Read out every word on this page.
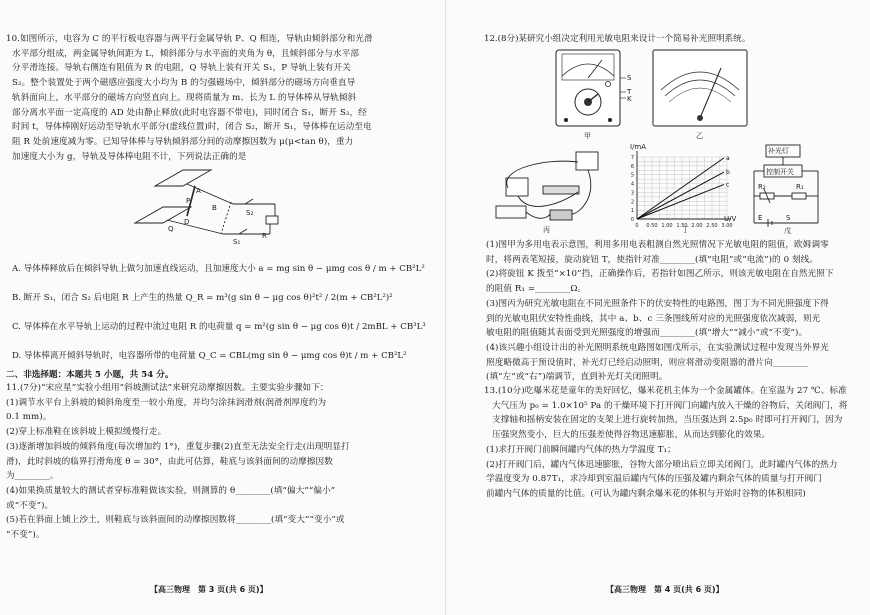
10.如图所示，电容为 C 的平行板电容器与两平行金属导轨 P、Q 相连，导轨由倾斜部分和光滑

水平部分组成，两金属导轨间距为 L，倾斜部分与水平面的夹角为 θ，且倾斜部分与水平部

分平滑连接。导轨右侧连有阻值为 R 的电阻，Q 导轨上装有开关 S₁，P 导轨上装有开关

S₂。整个装置处于两个磁感应强度大小均为 B 的匀强磁场中，倾斜部分的磁场方向垂直导

轨斜面向上，水平部分的磁场方向竖直向上。现将质量为 m、长为 L 的导体棒从导轨倾斜

部分离水平面一定高度的 AD 处由静止释放(此时电容器不带电)，同时闭合 S₁，断开 S₂，经

时间 t，导体棒刚好运动至导轨水平部分(虚线位置)时，闭合 S₂，断开 S₁，导体棒在运动至电

阻 R 处前速度减为零。已知导体棒与导轨倾斜部分间的动摩擦因数为 μ(μ<tan θ)，重力

加速度大小为 g，导轨及导体棒电阻不计，下列说法正确的是

P
A
B
Q
D
S₁
S₂
R
A. 导体棒释放后在倾斜导轨上做匀加速直线运动，且加速度大小 a = mg sin θ − μmg cos θ / m + CB²L²
B. 断开 S₁，闭合 S₂ 后电阻 R 上产生的热量 Q_R = m³(g sin θ − μg cos θ)²t² / 2(m + CB²L²)²
C. 导体棒在水平导轨上运动的过程中流过电阻 R 的电荷量 q = m²(g sin θ − μg cos θ)t / 2mBL + CB³L³
D. 导体棒离开倾斜导轨时，电容器所带的电荷量 Q_C = CBL(mg sin θ − μmg cos θ)t / m + CB²L²
二、非选择题：本题共 5 小题，共 54 分。

11.(7分)“宋应星”实验小组用“斜坡测试法”来研究动摩擦因数。主要实验步骤如下：

(1)调节水平台上斜坡的倾斜角度至一较小角度，并均匀涂抹润滑剂(润滑剂厚度约为

0.1 mm)。

(2)穿上标准鞋在该斜坡上模拟缓慢行走。

(3)逐渐增加斜坡的倾斜角度(每次增加约 1°)，重复步骤(2)直至无法安全行走(出现明显打

滑)，此时斜坡的临界打滑角度 θ = 30°，由此可估算，鞋底与该斜面间的动摩擦因数

为________。

(4)如果换质量较大的测试者穿标准鞋做该实验，则测算的 θ________(填“偏大”“偏小”

或“不变”)。

(5)若在斜面上铺上沙土，则鞋底与该斜面间的动摩擦因数将________(填“变大”“变小”或

“不变”)。

【高三物理　第 3 页(共 6 页)】
12.(8分)某研究小组决定利用光敏电阻来设计一个简易补光照明系统。
S
T
K
甲	乙
丙	0 0.50 1.00 1.50 2.00 2.50 3.00
0
1
2
3
4
5
6
7	a
b
c
I/mA
U/V
丁
补光灯
控制开关
R₂	R₁
E	S
戊

(1)图甲为多用电表示意图，利用多用电表粗测自然光照情况下光敏电阻的阻值，欧姆调零

时，将两表笔短接，旋动旋钮 T，使指针对准________(填“电阻”或“电流”)的 0 刻线。

(2)将旋钮 K 拨至“×10”挡，正确操作后，若指针如图乙所示，则该光敏电阻在自然光照下

的阻值 R₁ =________Ω。

(3)图丙为研究光敏电阻在不同光照条件下的伏安特性的电路图，图丁为不同光照强度下得

到的光敏电阻伏安特性曲线，其中 a、b、c 三条图线所对应的光照强度依次减弱，则光

敏电阻的阻值随其表面受到光照强度的增强而________(填“增大”“减小”或“不变”)。

(4)该兴趣小组设计出的补光照明系统电路图如图戊所示，在实验测试过程中发现当外界光

照度略微高于预设值时，补光灯已经启动照明，则应将滑动变阻器的滑片向________

(填“左”或“右”)端调节，直到补光灯关闭照明。

13.(10分)吃爆米花是童年的美好回忆，爆米花机主体为一个金属罐体。在室温为 27 ℃、标准

大气压为 p₀ = 1.0×10⁵ Pa 的干燥环境下打开阀门向罐内放入干燥的谷物后，关闭阀门，将

支撑轴和摇柄安装在固定的支架上进行旋转加热，当压强达到 2.5p₀ 时即可打开阀门，因为

压强突然变小，巨大的压强差使得谷物迅速膨胀，从而达到膨化的效果。

(1)求打开阀门前瞬间罐内气体的热力学温度 T₁；

(2)打开阀门后，罐内气体迅速膨胀，谷物大部分喷出后立即关闭阀门，此时罐内气体的热力

学温度变为 0.87T₁，求冷却到室温后罐内气体的压强及罐内剩余气体的质量与打开阀门

前罐内气体的质量的比值。(可认为罐内剩余爆米花的体积与开始时谷物的体积相同)

【高三物理　第 4 页(共 6 页)】
